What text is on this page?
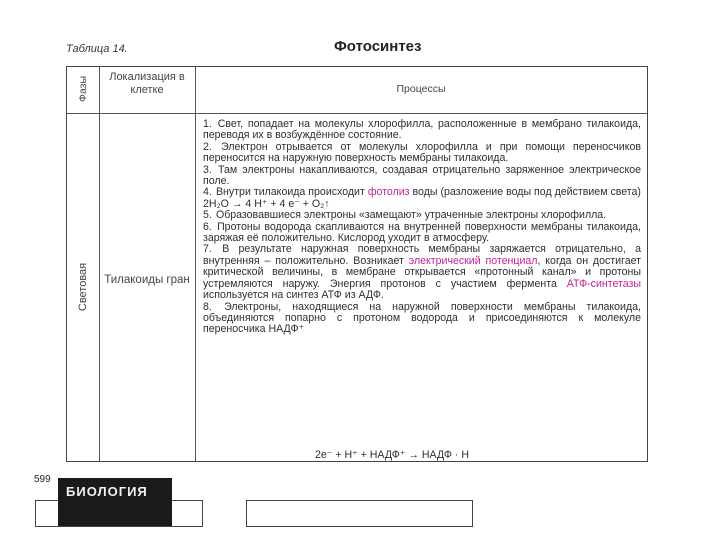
Таблица 14.	Фотосинтез
Фазы	Локализация в клетке	Процессы
Световая	Тилакоиды гран
1. Свет, попадает на молекулы хлорофилла, расположенные в мембрано тилакоида, переводя их в возбуждённое состояние.
2. Электрон отрывается от молекулы хлорофилла и при помощи переносчиков переносится на наружную поверхность мембраны тилакоида.
3. Там электроны накапливаются, создавая отрицательно заряженное электрическое поле.
4. Внутри тилакоида происходит фотолиз воды (разложение воды под действием света) 2H₂O → 4 H⁺ + 4 e⁻ + O₂↑
5. Образовавшиеся электроны «замещают» утраченные электроны хлорофилла.
6. Протоны водорода скапливаются на внутренней поверхности мембраны тилакоида, заряжая её положительно. Кислород уходит в атмосферу.
7. В результате наружная поверхность мембраны заряжается отрицательно, а внутренняя – положительно. Возникает электрический потенциал, когда он достигает критической величины, в мембране открывается «протонный канал» и протоны устремляются наружу. Энергия протонов с участием фермента АТФ-синтетазы используется на синтез АТФ из АДФ.
8. Электроны, находящиеся на наружной поверхности мембраны тилакоида, объединяются попарно с протоном водорода и присоединяются к молекуле переносчика НАДФ⁺
2e⁻ + H⁺ + НАДФ⁺ → НАДФ · H
599
БИОЛОГИЯ
